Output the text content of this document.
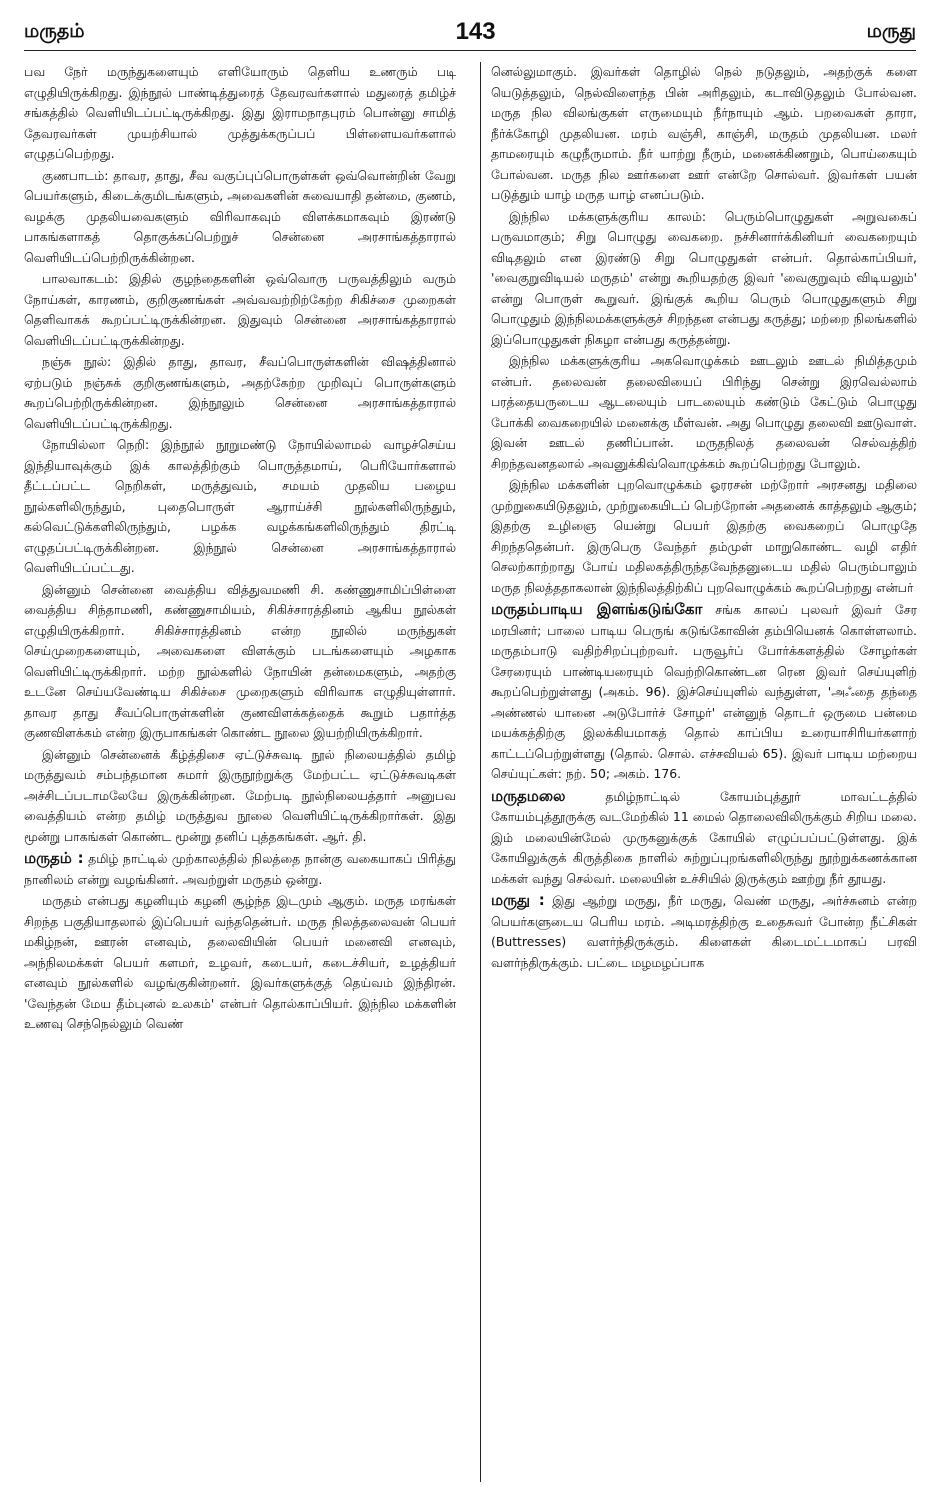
மருதம்	143	மருது

பவ நேர் மருந்துகளையும் எளியோரும் தெளிய உணரும் படி எழுதியிருக்கிறது. இந்நூல் பாண்டித்துரைத் தேவரவர்களால் மதுரைத் தமிழ்ச் சங்கத்தில் வெளியிடப்பட்டிருக்கிறது. இது இராமநாதபுரம் பொன்னு சாமித் தேவரவர்கள் முயற்சியால் முத்துக்கருப்பப் பிள்ளையவர்களால் எழுதப்பெற்றது.

குணபாடம்: தாவர, தாது, சீவ வகுப்புப்பொருள்கள் ஒவ்வொன்றின் வேறு பெயர்களும், கிடைக்குமிடங்களும், அவைகளின் சுவையாதி தன்மை, குணம், வழக்கு முதலியவைகளும் விரிவாகவும் விளக்கமாகவும் இரண்டு பாகங்களாகத் தொகுக்கப்பெற்றுச் சென்னை அரசாங்கத்தாரால் வெளியிடப்பெற்றிருக்கின்றன.

பாலவாகடம்: இதில் குழந்தைகளின் ஒவ்வொரு பருவத்திலும் வரும் நோய்கள், காரணம், குறிகுணங்கள் அவ்வவற்றிற்கேற்ற சிகிச்சை முறைகள் தெளிவாகக் கூறப்பட்டிருக்கின்றன. இதுவும் சென்னை அரசாங்கத்தாரால் வெளியிடப்பட்டிருக்கின்றது.

நஞ்சு நூல்: இதில் தாது, தாவர, சீவப்பொருள்களின் விஷத்தினால் ஏற்படும் நஞ்சுக் குறிகுணங்களும், அதற்கேற்ற முறிவுப் பொருள்களும் கூறப்பெற்றிருக்கின்றன. இந்நூலும் சென்னை அரசாங்கத்தாரால் வெளியிடப்பட்டிருக்கிறது.

நோயில்லா நெறி: இந்நூல் நூறுமண்டு நோயில்லாமல் வாழச்செய்ய இந்தியாவுக்கும் இக் காலத்திற்கும் பொருத்தமாய், பெரியோர்களால் தீட்டப்பட்ட நெறிகள், மருத்துவம், சமயம் முதலிய பழைய நூல்களிலிருந்தும், புதைபொருள் ஆராய்ச்சி நூல்களிலிருந்தும், கல்வெட்டுக்களிலிருந்தும், பழக்க வழக்கங்களிலிருந்தும் திரட்டி எழுதப்பட்டிருக்கின்றன. இந்நூல் சென்னை அரசாங்கத்தாரால் வெளியிடப்பட்டது.

இன்னும் சென்னை வைத்திய வித்துவமணி சி. கண்ணுசாமிப்பிள்ளை வைத்திய சிந்தாமணி, கண்ணுசாமியம், சிகிச்சாரத்தினம் ஆகிய நூல்கள் எழுதியிருக்கிறார். சிகிச்சாரத்தினம் என்ற நூலில் மருந்துகள் செய்முறைகளையும், அவைகளை விளக்கும் படங்களையும் அழகாக வெளியிட்டிருக்கிறார். மற்ற நூல்களில் நோயின் தன்மைகளும், அதற்கு உடனே செய்யவேண்டிய சிகிச்சை முறைகளும் விரிவாக எழுதியுள்ளார். தாவர தாது சீவப்பொருள்களின் குணவிளக்கத்தைக் கூறும் பதார்த்த குணவிளக்கம் என்ற இருபாகங்கள் கொண்ட நூலை இயற்றியிருக்கிறார்.

இன்னும் சென்னைக் கீழ்த்திசை ஏட்டுச்சுவடி நூல் நிலையத்தில் தமிழ் மருத்துவம் சம்பந்தமான சுமார் இருநூற்றுக்கு மேற்பட்ட ஏட்டுச்சுவடிகள் அச்சிடப்படாமலேயே இருக்கின்றன. மேற்படி நூல்நிலையத்தார் அனுபவ வைத்தியம் என்ற தமிழ் மருத்துவ நூலை வெளியிட்டிருக்கிறார்கள். இது மூன்று பாகங்கள் கொண்ட மூன்று தனிப் புத்தகங்கள். ஆர். தி.

மருதம் : தமிழ் நாட்டில் முற்காலத்தில் நிலத்தை நான்கு வகையாகப் பிரித்து நானிலம் என்று வழங்கினர். அவற்றுள் மருதம் ஒன்று.

மருதம் என்பது கழனியும் கழனி சூழ்ந்த இடமும் ஆகும். மருத மரங்கள் சிறந்த பகுதியாதலால் இப்பெயர் வந்ததென்பர். மருத நிலத்தலைவன் பெயர் மகிழ்நன், ஊரன் எனவும், தலைவியின் பெயர் மனைவி எனவும், அந்நிலமக்கள் பெயர் களமர், உழவர், கடையர், கடைச்சியர், உழத்தியர் எனவும் நூல்களில் வழங்குகின்றனர். இவர்களுக்குத் தெய்வம் இந்திரன். 'வேந்தன் மேய தீம்புனல் உலகம்' என்பர் தொல்காப்பியர். இந்நில மக்களின் உணவு செந்நெல்லும் வெண்

னெல்லுமாகும். இவர்கள் தொழில் நெல் நடுதலும், அதற்குக் களை யெடுத்தலும், நெல்விளைந்த பின் அரிதலும், கடாவிடுதலும் போல்வன. மருத நில விலங்குகள் எருமையும் நீர்நாயும் ஆம். பறவைகள் தாரா, நீர்க்கோழி முதலியன. மரம் வஞ்சி, காஞ்சி, மருதம் முதலியன. மலர் தாமரையும் கழுநீருமாம். நீர் யாற்று நீரும், மனைக்கிணறும், பொய்கையும் போல்வன. மருத நில ஊர்களை ஊர் என்றே சொல்வர். இவர்கள் பயன் படுத்தும் யாழ் மருத யாழ் எனப்படும்.

இந்நில மக்களுக்குரிய காலம்: பெரும்பொழுதுகள் அறுவகைப் பருவமாகும்; சிறு பொழுது வைகறை. நச்சினார்க்கினியர் வைகறையும் விடிதலும் என இரண்டு சிறு பொழுதுகள் என்பர். தொல்காப்பியர், 'வைகுறுவிடியல் மருதம்' என்று கூறியதற்கு இவர் 'வைகுறுவும் விடியலும்' என்று பொருள் கூறுவர். இங்குக் கூறிய பெரும் பொழுதுகளும் சிறு பொழுதும் இந்நிலமக்களுக்குச் சிறந்தன என்பது கருத்து; மற்றை நிலங்களில் இப்பொழுதுகள் நிகழா என்பது கருத்தன்று.

இந்நில மக்களுக்குரிய அகவொழுக்கம் ஊடலும் ஊடல் நிமித்தமும் என்பர். தலைவன் தலைவியைப் பிரிந்து சென்று இரவெல்லாம் பரத்தையருடைய ஆடலையும் பாடலையும் கண்டும் கேட்டும் பொழுது போக்கி வைகறையில் மனைக்கு மீள்வன். அது பொழுது தலைவி ஊடுவாள். இவன் ஊடல் தணிப்பான். மருதநிலத் தலைவன் செல்வத்திற் சிறந்தவனதலால் அவனுக்கிவ்வொழுக்கம் கூறப்பெற்றது போலும்.

இந்நில மக்களின் புறவொழுக்கம் ஓரரசன் மற்றோர் அரசனது மதிலை முற்றுகையிடுதலும், முற்றுகையிடப் பெற்றோன் அதனைக் காத்தலும் ஆகும்; இதற்கு உழிஞை யென்று பெயர் இதற்கு வைகறைப் பொழுதே சிறந்ததென்பர். இருபெரு வேந்தர் தம்முள் மாறுகொண்ட வழி எதிர் செலற்காற்றாது போய் மதிலகத்திருந்தவேந்தனுடைய மதில் பெரும்பாலும் மருத நிலத்ததாகலான் இந்நிலத்திற்கிப் புறவொழுக்கம் கூறப்பெற்றது என்பர்

மருதம்பாடிய இளங்கடுங்கோ சங்க காலப் புலவர் இவர் சேர மரபினர்; பாலை பாடிய பெருங் கடுங்கோவின் தம்பியெனக் கொள்ளலாம். மருதம்பாடு வதிற்சிறப்புற்றவர். பருவூர்ப் போர்க்களத்தில் சோழர்கள் சேரரையும் பாண்டியரையும் வெற்றிகொண்டன ரென இவர் செய்யுளிற் கூறப்பெற்றுள்ளது (அகம். 96). இச்செய்யுளில் வந்துள்ள, 'அஃதை தந்தை அண்ணல் யானை அடுபோர்ச் சோழர்' என்னுந் தொடர் ஒருமை பன்மை மயக்கத்திற்கு இலக்கியமாகத் தொல் காப்பிய உரையாசிரியர்களாற் காட்டப்பெற்றுள்ளது (தொல். சொல். எச்சவியல் 65). இவர் பாடிய மற்றைய செய்யுட்கள்: நற். 50; அகம். 176.

மருதமலை தமிழ்நாட்டில் கோயம்புத்தூர் மாவட்டத்தில் கோயம்புத்தூருக்கு வடமேற்கில் 11 மைல் தொலைவிலிருக்கும் சிறிய மலை. இம் மலையின்மேல் முருகனுக்குக் கோயில் எழுப்பப்பட்டுள்ளது. இக் கோயிலுக்குக் கிருத்திகை நாளில் சுற்றுப்புறங்களிலிருந்து நூற்றுக்கணக்கான மக்கள் வந்து செல்வர். மலையின் உச்சியில் இருக்கும் ஊற்று நீர் தூயது.

மருது : இது ஆற்று மருது, நீர் மருது, வெண் மருது, அர்ச்சுனம் என்ற பெயர்களுடைய பெரிய மரம். அடிமரத்திற்கு உதைசுவர் போன்ற நீட்சிகள் (Buttresses) வளர்ந்திருக்கும். கிளைகள் கிடைமட்டமாகப் பரவி வளர்ந்திருக்கும். பட்டை மழமழப்பாக
